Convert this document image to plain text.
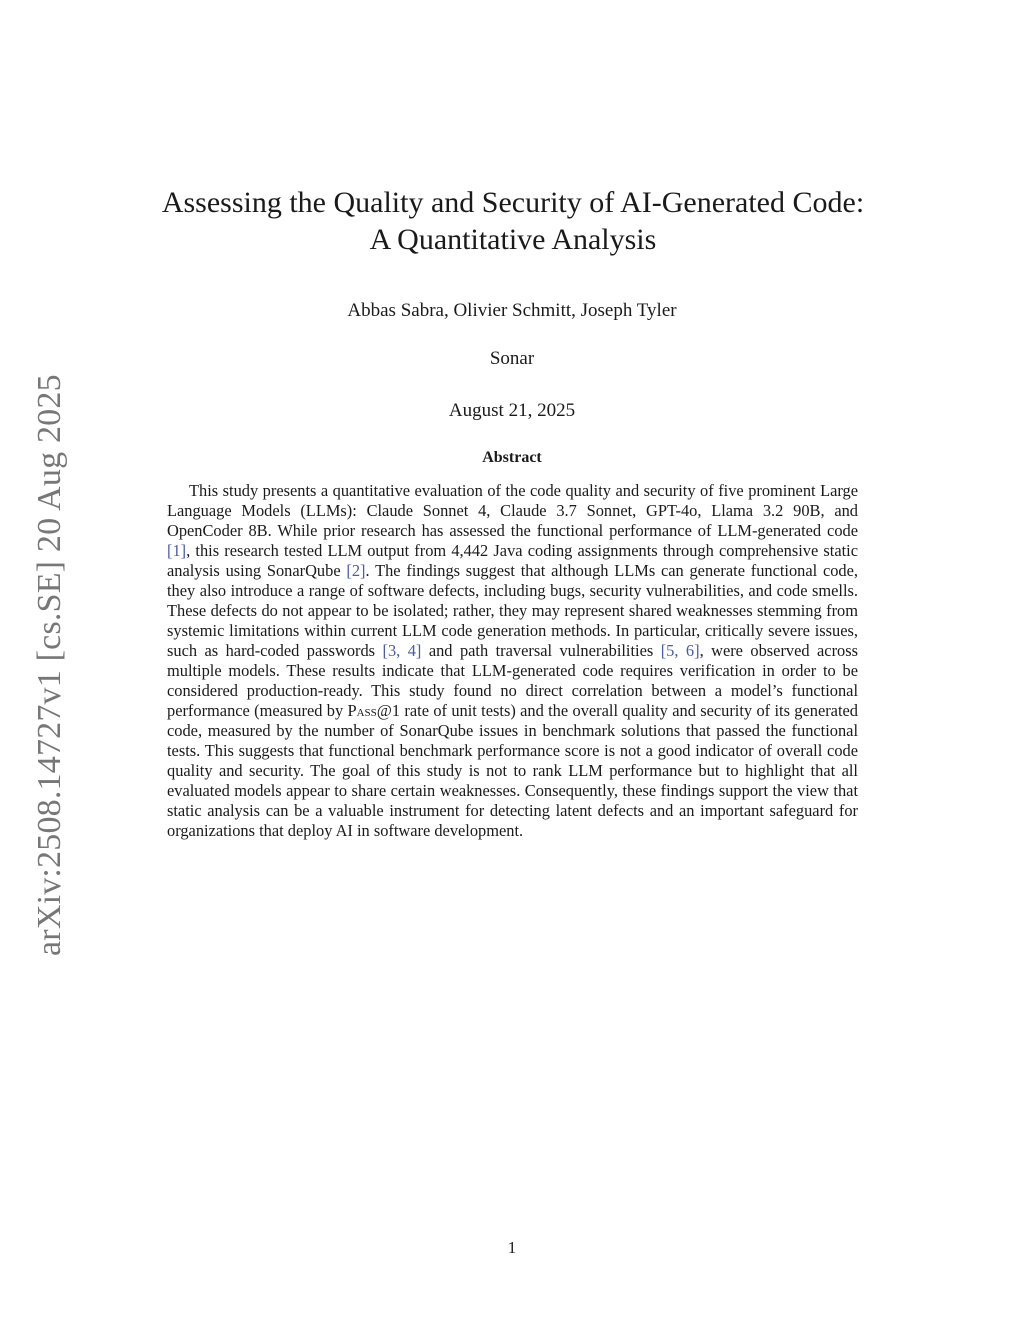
arXiv:2508.14727v1 [cs.SE] 20 Aug 2025
Assessing the Quality and Security of AI-Generated Code: A Quantitative Analysis
Abbas Sabra, Olivier Schmitt, Joseph Tyler
Sonar
August 21, 2025
Abstract

This study presents a quantitative evaluation of the code quality and security of five prominent Large Language Models (LLMs): Claude Sonnet 4, Claude 3.7 Sonnet, GPT-4o, Llama 3.2 90B, and OpenCoder 8B. While prior research has assessed the functional performance of LLM-generated code [1], this research tested LLM output from 4,442 Java coding assignments through comprehensive static analysis using SonarQube [2]. The findings suggest that although LLMs can generate functional code, they also introduce a range of software defects, including bugs, security vulnerabilities, and code smells. These defects do not appear to be isolated; rather, they may represent shared weaknesses stemming from systemic limitations within current LLM code generation methods. In particular, critically severe issues, such as hard-coded passwords [3, 4] and path traversal vulnerabilities [5, 6], were observed across multiple models. These results indicate that LLM-generated code requires verification in order to be considered production-ready. This study found no direct correlation between a model’s functional performance (measured by Pass@1 rate of unit tests) and the overall quality and security of its generated code, measured by the number of SonarQube issues in benchmark solutions that passed the functional tests. This suggests that functional benchmark performance score is not a good indicator of overall code quality and security. The goal of this study is not to rank LLM performance but to highlight that all evaluated models appear to share certain weaknesses. Consequently, these findings support the view that static analysis can be a valuable instrument for detecting latent defects and an important safeguard for organizations that deploy AI in software development.

1
